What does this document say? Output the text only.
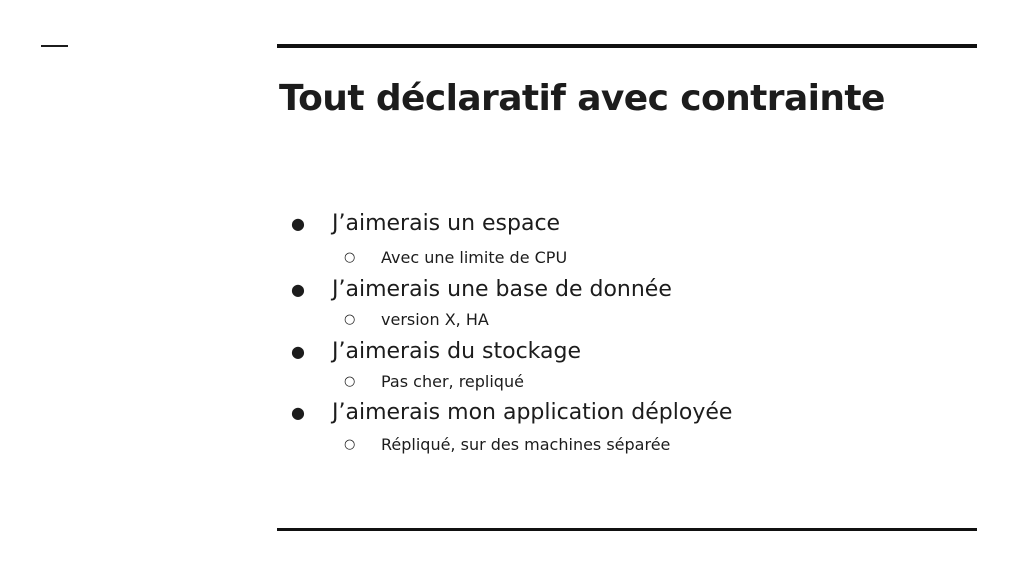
Tout déclaratif avec contrainte
● J’aimerais un espace
○ Avec une limite de CPU
● J’aimerais une base de donnée
○ version X, HA
● J’aimerais du stockage
○ Pas cher, repliqué
● J’aimerais mon application déployée
○ Répliqué, sur des machines séparée
